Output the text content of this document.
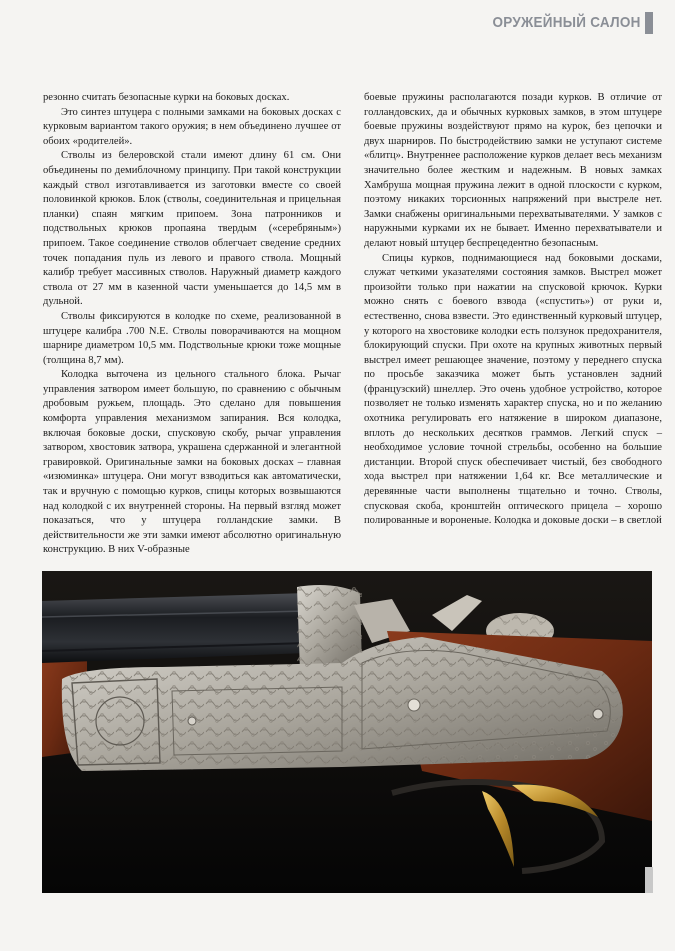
ОРУЖЕЙНЫЙ САЛОН

резонно считать безопасные курки на боковых досках.

Это синтез штуцера с полными замками на боковых досках с курковым вариантом такого оружия; в нем объединено лучшее от обоих «родителей».

Стволы из белеровской стали имеют длину 61 см. Они объединены по демиблочному принципу. При такой конструкции каждый ствол изготавливается из заготовки вместе со своей половинкой крюков. Блок (стволы, соединительная и прицельная планки) спаян мягким припоем. Зона патронников и подствольных крюков пропаяна твердым («серебряным») припоем. Такое соединение стволов облегчает сведение средних точек попадания пуль из левого и правого ствола. Мощный калибр требует массивных стволов. Наружный диаметр каждого ствола от 27 мм в казенной части уменьшается до 14,5 мм в дульной.

Стволы фиксируются в колодке по схеме, реализованной в штуцере калибра .700 N.E. Стволы поворачиваются на мощном шарнире диаметром 10,5 мм. Подствольные крюки тоже мощные (толщина 8,7 мм).

Колодка выточена из цельного стального блока. Рычаг управления затвором имеет большую, по сравнению с обычным дробовым ружьем, площадь. Это сделано для повышения комфорта управления механизмом запирания. Вся колодка, включая боковые доски, спусковую скобу, рычаг управления затвором, хвостовик затвора, украшена сдержанной и элегантной гравировкой. Оригинальные замки на боковых досках – главная «изюминка» штуцера. Они могут взводиться как автоматически, так и вручную с помощью курков, спицы которых возвышаются над колодкой с их внутренней стороны. На первый взгляд может показаться, что у штуцера голландские замки. В действительности же эти замки имеют абсолютно оригинальную конструкцию. В них V-образные

боевые пружины располагаются позади курков. В отличие от голландовских, да и обычных курковых замков, в этом штуцере боевые пружины воздействуют прямо на курок, без цепочки и двух шарниров. По быстродействию замки не уступают системе «блитц». Внутреннее расположение курков делает весь механизм значительно более жестким и надежным. В новых замках Хамбруша мощная пружина лежит в одной плоскости с курком, поэтому никаких торсионных напряжений при выстреле нет. Замки снабжены оригинальными перехватывателями. У замков с наружными курками их не бывает. Именно перехватыватели и делают новый штуцер беспрецедентно безопасным.

Спицы курков, поднимающиеся над боковыми досками, служат четкими указателями состояния замков. Выстрел может произойти только при нажатии на спусковой крючок. Курки можно снять с боевого взвода («спустить») от руки и, естественно, снова взвести. Это единственный курковый штуцер, у которого на хвостовике колодки есть ползунок предохранителя, блокирующий спуски. При охоте на крупных животных первый выстрел имеет решающее значение, поэтому у переднего спуска по просьбе заказчика может быть установлен задний (французский) шнеллер. Это очень удобное устройство, которое позволяет не только изменять характер спуска, но и по желанию охотника регулировать его натяжение в широком диапазоне, вплоть до нескольких десятков граммов. Легкий спуск – необходимое условие точной стрельбы, особенно на большие дистанции. Второй спуск обеспечивает чистый, без свободного хода выстрел при натяжении 1,64 кг. Все металлические и деревянные части выполнены тщательно и точно. Стволы, спусковая скоба, кронштейн оптического прицела – хорошо полированные и вороненые. Колодка и доковые доски – в светлой
